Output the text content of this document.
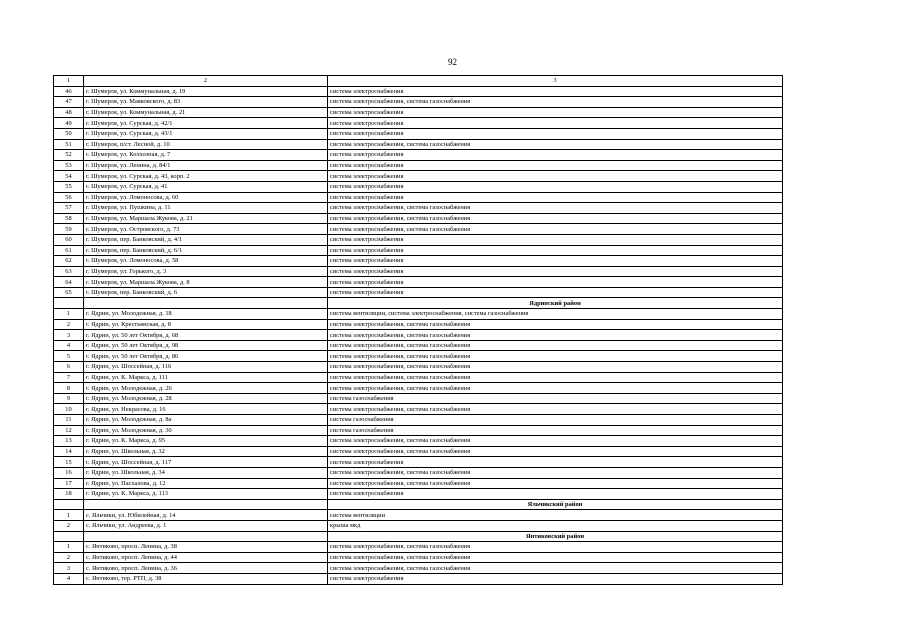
92
1	2	3
46	г. Шумерля, ул. Коммунальная, д. 19	система электроснабжения
47	г. Шумерля, ул. Маяковского, д. 83	система электроснабжения, система газоснабжения
48	г. Шумерля, ул. Коммунальная, д. 21	система электроснабжения
49	г. Шумерля, ул. Сурская, д. 42/1	система электроснабжения
50	г. Шумерля, ул. Сурская, д. 43/1	система электроснабжения
51	г. Шумерля, п/ст. Лесной, д. 10	система электроснабжения, система газоснабжения
52	г. Шумерля, ул. Колхозная, д. 7	система электроснабжения
53	г. Шумерля, ул. Ленина, д. 84/1	система электроснабжения
54	г. Шумерля, ул. Сурская, д. 43, корп. 2	система электроснабжения
55	г. Шумерля, ул. Сурская, д. 41	система электроснабжения
56	г. Шумерля, ул. Ломоносова, д. 60	система электроснабжения
57	г. Шумерля, ул. Пушкина, д. 11	система электроснабжения, система газоснабжения
58	г. Шумерля, ул. Маршала Жукова, д. 21	система электроснабжения, система газоснабжения
59	г. Шумерля, ул. Островского, д. 73	система электроснабжения, система газоснабжения
60	г. Шумерля, пер. Банковский, д. 4/1	система электроснабжения
61	г. Шумерля, пер. Банковский, д. 6/1	система электроснабжения
62	г. Шумерля, ул. Ломоносова, д. 58	система электроснабжения
63	г. Шумерля, ул. Горького, д. 3	система электроснабжения
64	г. Шумерля, ул. Маршала Жукова, д. 8	система электроснабжения
65	г. Шумерля, пер. Банковский, д. 6	система электроснабжения
		Ядринский район
1	г. Ядрин, ул. Молодежная, д. 18	система вентиляции, система электроснабжения, система газоснабжения
2	г. Ядрин, ул. Крестьянская, д. 8	система электроснабжения, система газоснабжения
3	г. Ядрин, ул. 50 лет Октября, д. 68	система электроснабжения, система газоснабжения
4	г. Ядрин, ул. 50 лет Октября, д. 98	система электроснабжения, система газоснабжения
5	г. Ядрин, ул. 50 лет Октября, д. 86	система электроснабжения, система газоснабжения
6	г. Ядрин, ул. Шоссейная, д. 116	система электроснабжения, система газоснабжения
7	г. Ядрин, ул. К. Маркса, д. 111	система электроснабжения, система газоснабжения
8	г. Ядрин, ул. Молодежная, д. 26	система электроснабжения, система газоснабжения
9	г. Ядрин, ул. Молодежная, д. 28	система газоснабжения
10	г. Ядрин, ул. Некрасова, д. 16	система электроснабжения, система газоснабжения
11	г. Ядрин, ул. Молодежная, д. 8а	система газоснабжения
12	г. Ядрин, ул. Молодежная, д. 30	система газоснабжения
13	г. Ядрин, ул. К. Маркса, д. 95	система электроснабжения, система газоснабжения
14	г. Ядрин, ул. Школьная, д. 32	система электроснабжения, система газоснабжения
15	г. Ядрин, ул. Шоссейная, д. 117	система электроснабжения
16	г. Ядрин, ул. Школьная, д. 34	система электроснабжения, система газоснабжения
17	г. Ядрин, ул. Пасхалова, д. 12	система электроснабжения, система газоснабжения
18	г. Ядрин, ул. К. Маркса, д. 113	система электроснабжения
		Яльчикский район
1	с. Яльчики, ул. Юбилейная, д. 14	система вентиляции
2	с. Яльчики, ул. Андреева, д. 1	крыша мкд
		Янтиковский район
1	с. Янтиково, просп. Ленина, д. 38	система электроснабжения, система газоснабжения
2	с. Янтиково, просп. Ленина, д. 44	система электроснабжения, система газоснабжения
3	с. Янтиково, просп. Ленина, д. 36	система электроснабжения, система газоснабжения
4	с. Янтиково, тер. РТП, д. 38	система электроснабжения
